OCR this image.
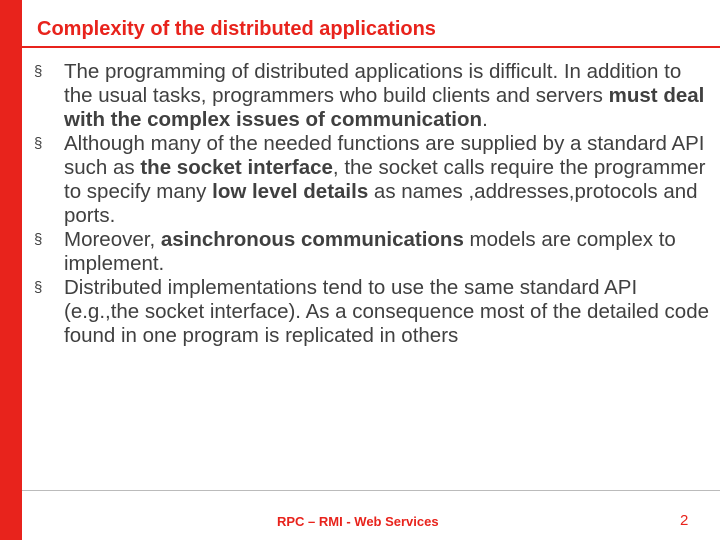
Complexity of the distributed applications

§ The programming of distributed applications is difficult. In addition to the usual tasks, programmers who build clients and servers must deal with the complex issues of communication.

§ Although many of the needed functions are supplied by a standard API such as the socket interface, the socket calls require the programmer to specify many low level details as names ,addresses,protocols and ports.

§ Moreover, asinchronous communications models are complex to implement.

§ Distributed implementations tend to use the same standard API (e.g.,the socket interface). As a consequence most of the detailed code found in one program is replicated in others

RPC – RMI - Web Services	2
